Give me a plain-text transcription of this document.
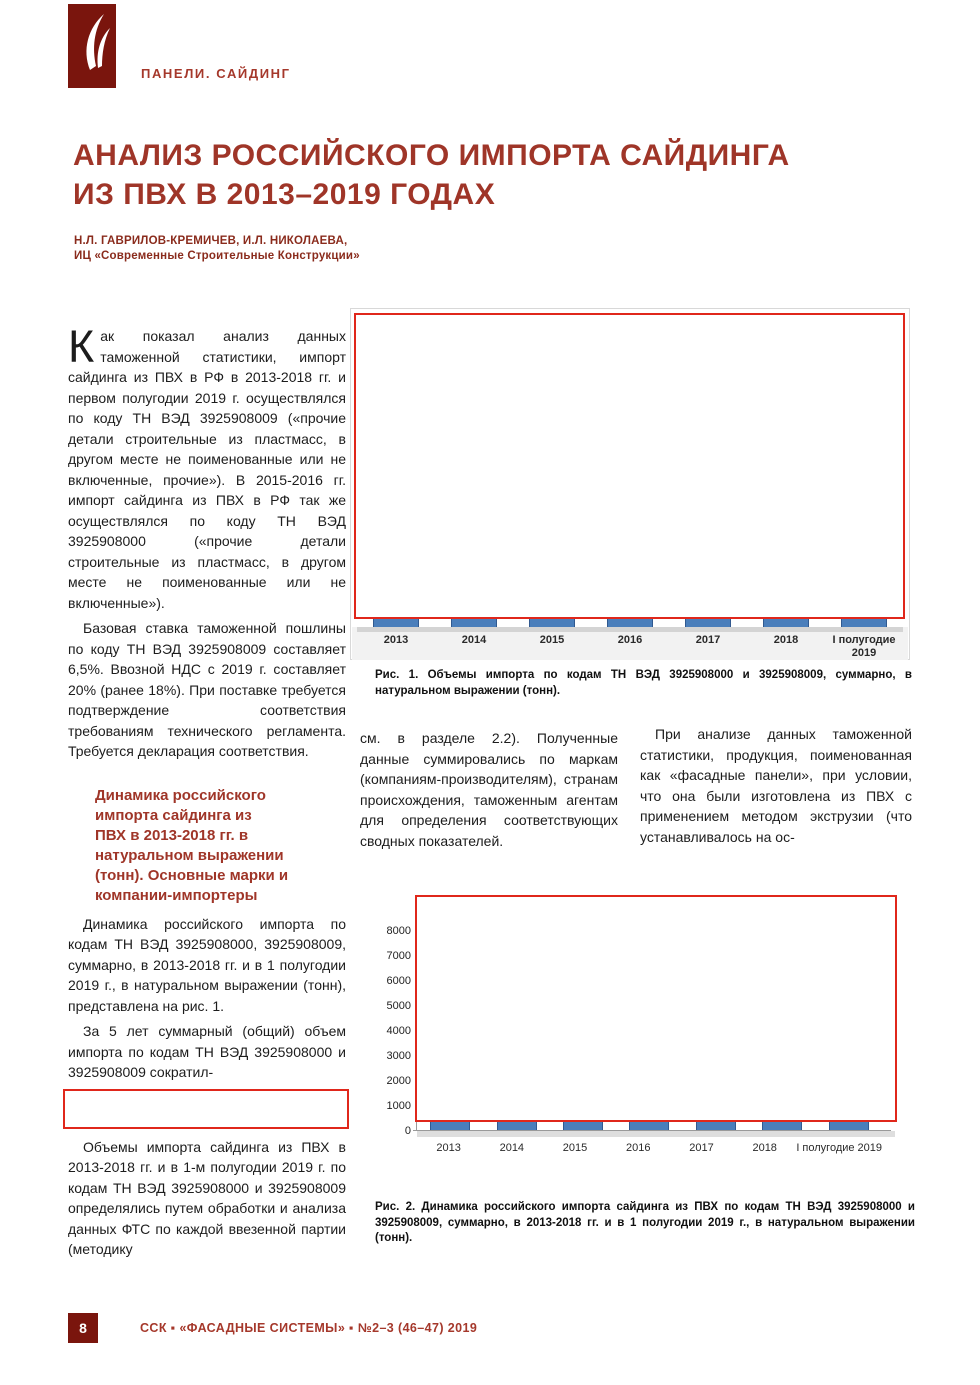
ПАНЕЛИ. САЙДИНГ
АНАЛИЗ РОССИЙСКОГО ИМПОРТА САЙДИНГА
ИЗ ПВХ В 2013–2019 ГОДАХ
Н.Л. ГАВРИЛОВ-КРЕМИЧЕВ, И.Л. НИКОЛАЕВА,
ИЦ «Современные Строительные Конструкции»

Как показал анализ данных таможенной статистики, импорт сайдинга из ПВХ в РФ в 2013-2018 гг. и первом полугодии 2019 г. осуществлялся по коду ТН ВЭД 3925908009 («прочие детали строительные из пластмасс, в другом месте не поименованные или не включенные, прочие»). В 2015-2016 гг. импорт сайдинга из ПВХ в РФ так же осуществлялся по коду ТН ВЭД 3925908000 («прочие детали строительные из пластмасс, в другом месте не поименованные или не включенные»).

Базовая ставка таможенной пошлины по коду ТН ВЭД 3925908009 составляет 6,5%. Ввозной НДС с 2019 г. составляет 20% (ранее 18%). При поставке требуется подтверждение соответствия требованиям технического регламента. Требуется декларация соответствия.

Динамика российского
импорта сайдинга из
ПВХ в 2013-2018 гг. в
натуральном выражении
(тонн). Основные марки и
компании-импортеры

Динамика российского импорта по кодам ТН ВЭД 3925908000, 3925908009, суммарно, в 2013-2018 гг. и в 1 полугодии 2019 г., в натуральном выражении (тонн), представлена на рис. 1.

За 5 лет суммарный (общий) объем импорта по кодам ТН ВЭД 3925908000 и 3925908009 сократил-

Объемы импорта сайдинга из ПВХ в 2013-2018 гг. и в 1-м полугодии 2019 г. по кодам ТН ВЭД 3925908000 и 3925908009 определялись путем обработки и анализа данных ФТС по каждой ввезенной партии (методику

2013	2014	2015	2016	2017	2018	I полугодие 2019
Рис. 1. Объемы импорта по кодам ТН ВЭД 3925908000 и 3925908009, суммарно, в натуральном выражении (тонн).

см. в разделе 2.2). Полученные данные суммировались по маркам (компаниям-производителям), странам происхождения, таможенным агентам для определения соответствующих сводных показателей.

При анализе данных таможенной статистики, продукция, поименованная как «фасадные панели», при условии, что она были изготовлена из ПВХ с применением методом экструзии (что устанавливалось на ос-

8000
7000
6000
5000
4000
3000
2000
1000
0
2013	2014	2015	2016	2017	2018	I полугодие 2019
Рис. 2. Динамика российского импорта сайдинга из ПВХ по кодам ТН ВЭД 3925908000 и 3925908009, суммарно, в 2013-2018 гг. и в 1 полугодии 2019 г., в натуральном выражении (тонн).
8	ССК ▪ «ФАСАДНЫЕ СИСТЕМЫ» ▪ №2–3 (46–47) 2019
